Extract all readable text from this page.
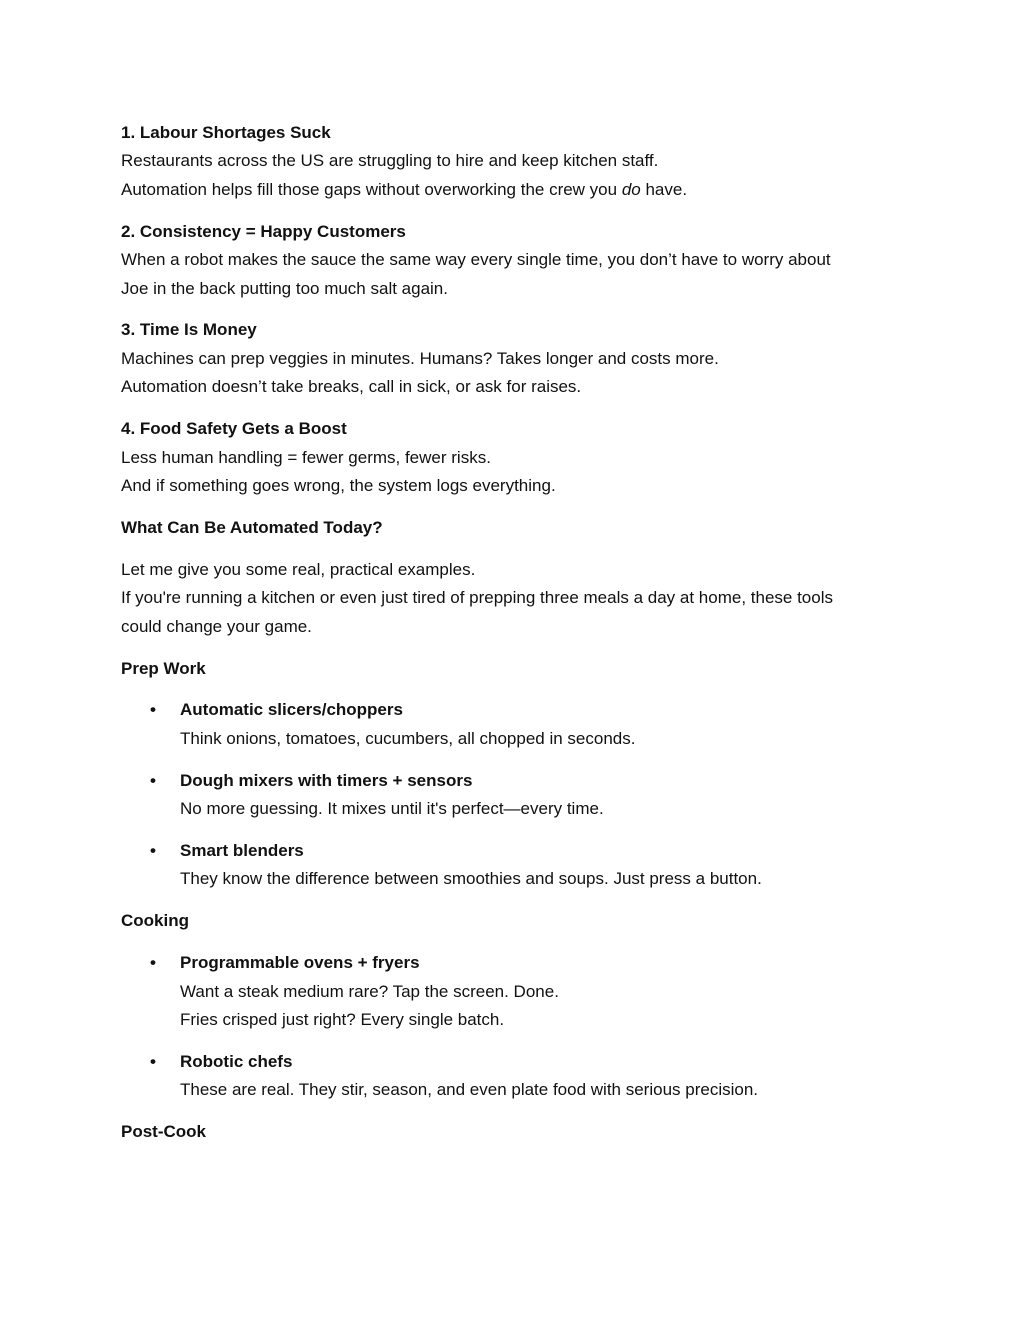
1. Labour Shortages Suck
Restaurants across the US are struggling to hire and keep kitchen staff.
Automation helps fill those gaps without overworking the crew you do have.
2. Consistency = Happy Customers
When a robot makes the sauce the same way every single time, you don’t have to worry about
Joe in the back putting too much salt again.
3. Time Is Money
Machines can prep veggies in minutes. Humans? Takes longer and costs more.
Automation doesn’t take breaks, call in sick, or ask for raises.
4. Food Safety Gets a Boost
Less human handling = fewer germs, fewer risks.
And if something goes wrong, the system logs everything.
What Can Be Automated Today?
Let me give you some real, practical examples.
If you're running a kitchen or even just tired of prepping three meals a day at home, these tools
could change your game.
Prep Work
• Automatic slicers/choppers
Think onions, tomatoes, cucumbers, all chopped in seconds.
• Dough mixers with timers + sensors
No more guessing. It mixes until it's perfect—every time.
• Smart blenders
They know the difference between smoothies and soups. Just press a button.
Cooking
• Programmable ovens + fryers
Want a steak medium rare? Tap the screen. Done.
Fries crisped just right? Every single batch.
• Robotic chefs
These are real. They stir, season, and even plate food with serious precision.
Post-Cook
